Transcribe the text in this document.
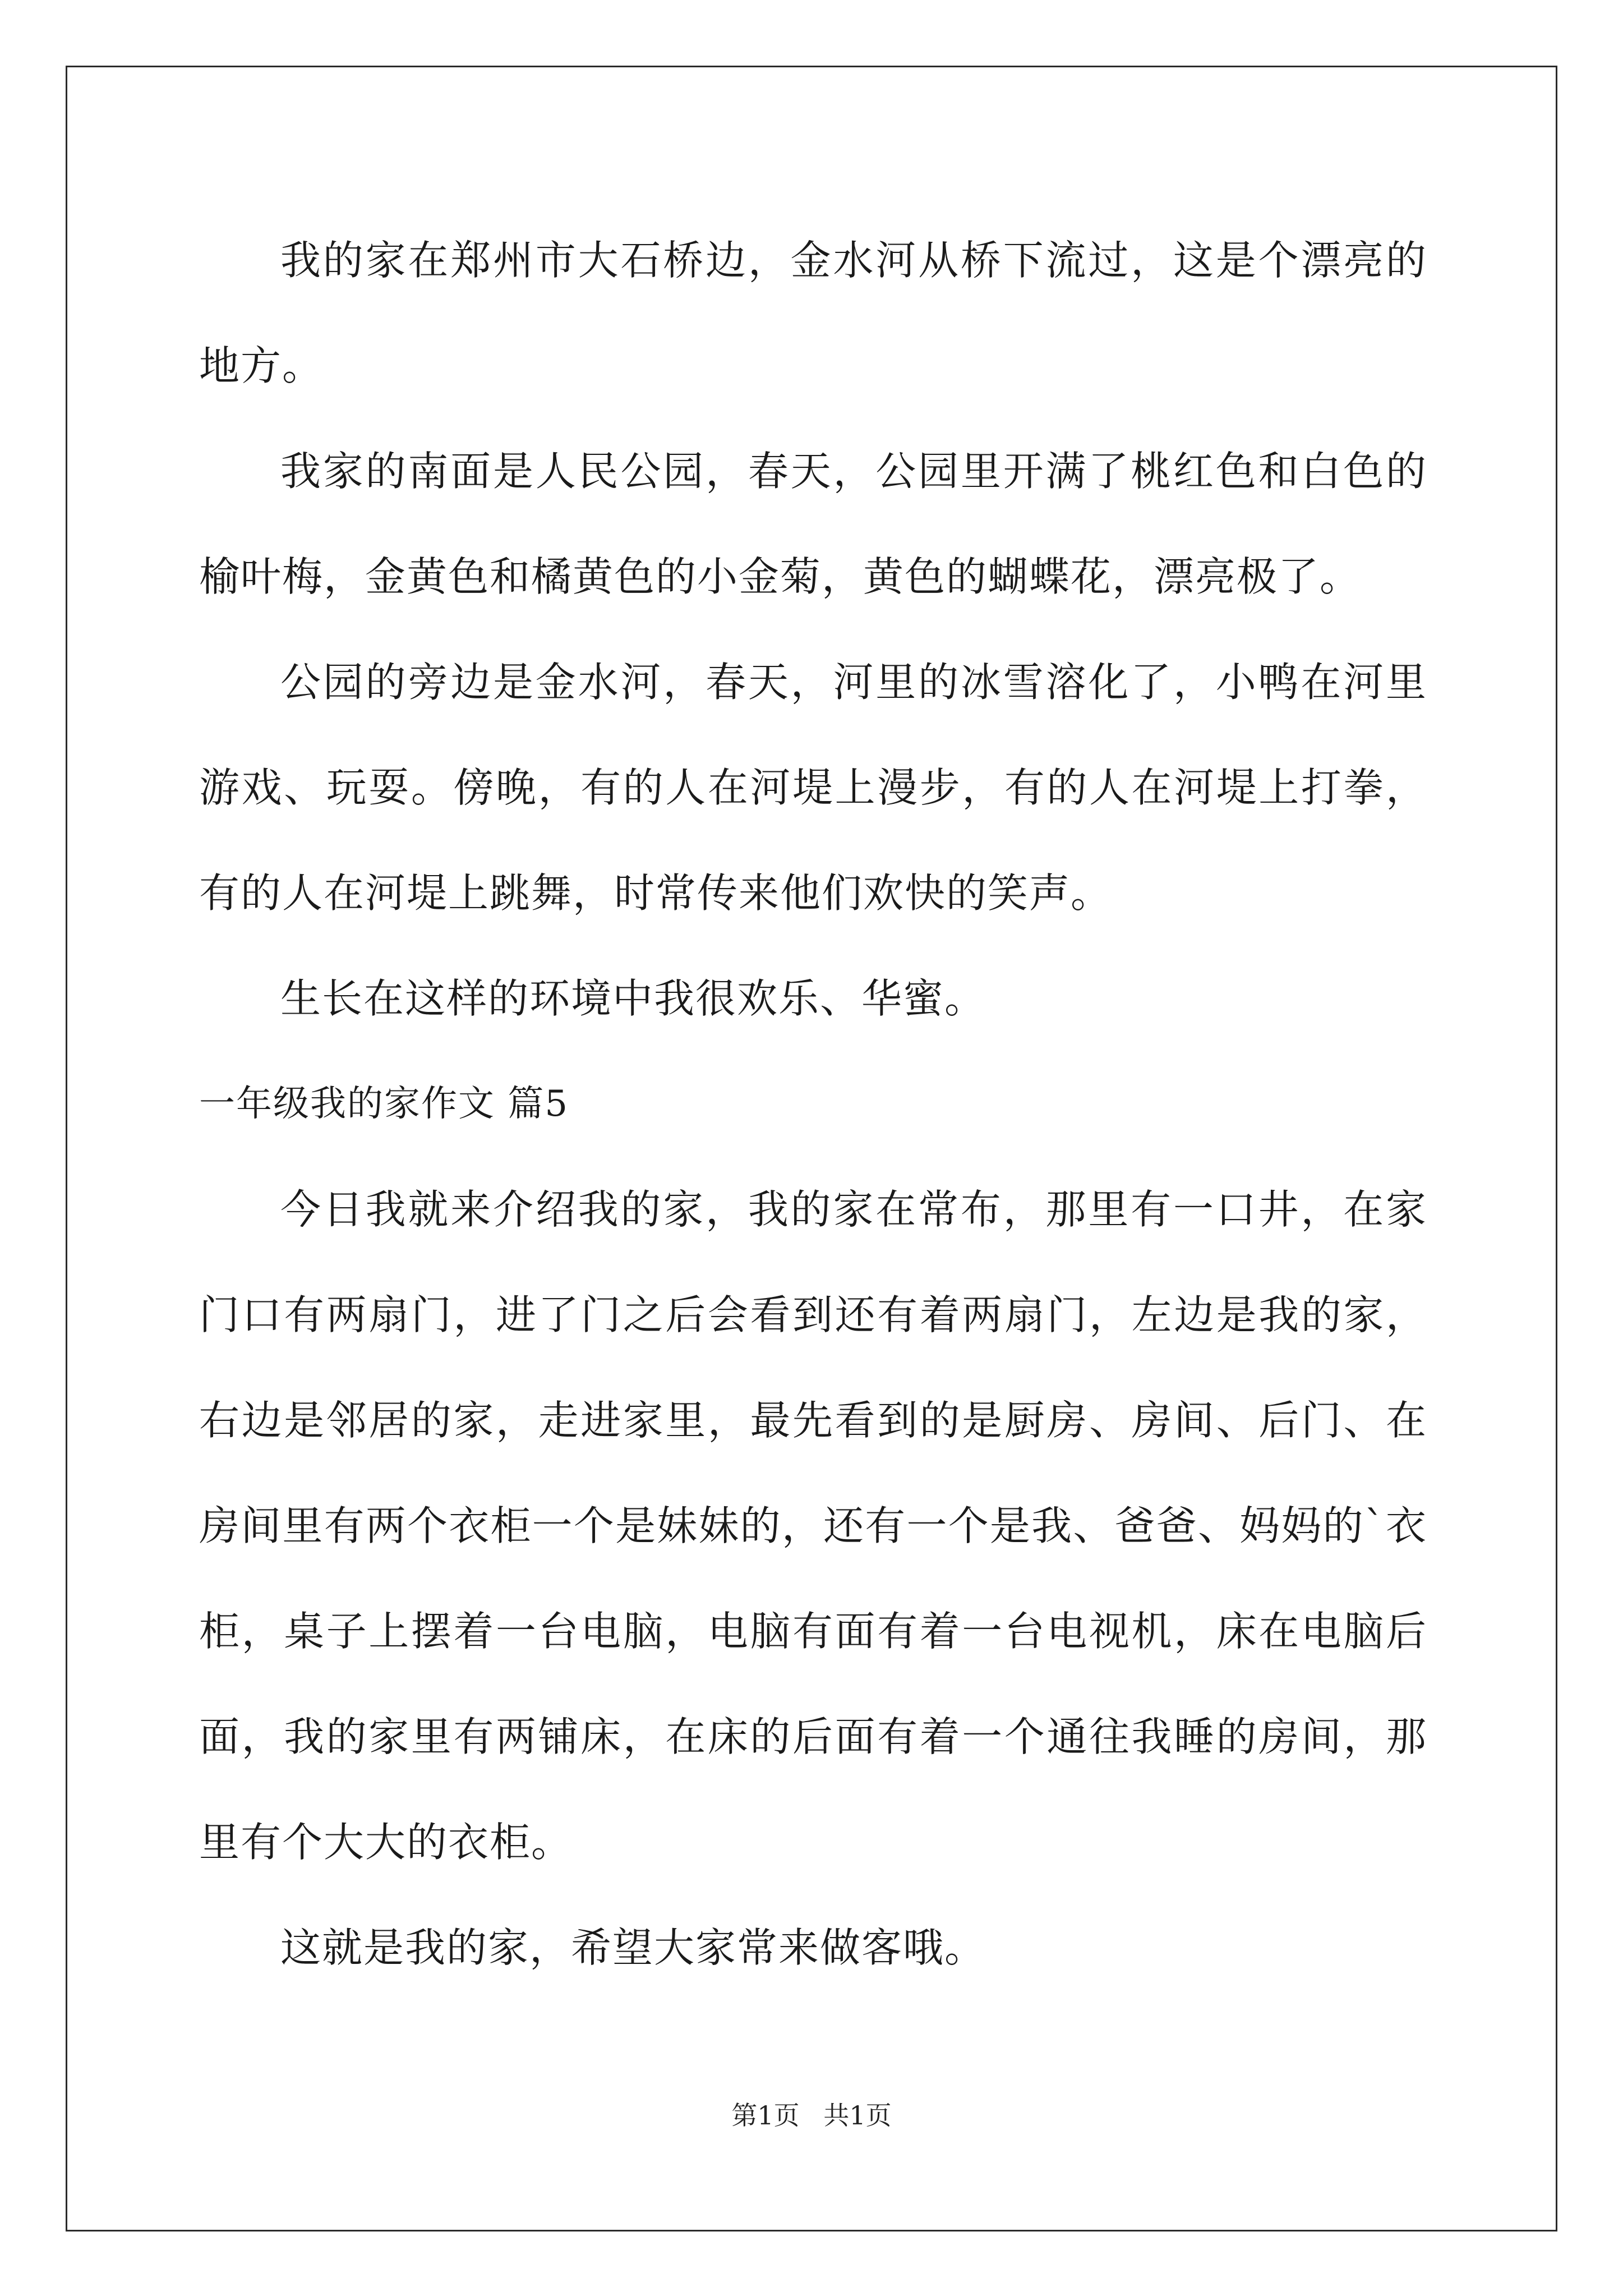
我的家在郑州市大石桥边，金水河从桥下流过，这是个漂亮的地方。

我家的南面是人民公园，春天，公园里开满了桃红色和白色的榆叶梅，金黄色和橘黄色的小金菊，黄色的蝴蝶花，漂亮极了。

公园的旁边是金水河，春天，河里的冰雪溶化了，小鸭在河里游戏、玩耍。傍晚，有的人在河堤上漫步，有的人在河堤上打拳，有的人在河堤上跳舞，时常传来他们欢快的笑声。

生长在这样的环境中我很欢乐、华蜜。

一年级我的家作文 篇5

今日我就来介绍我的家，我的家在常布，那里有一口井，在家门口有两扇门，进了门之后会看到还有着两扇门，左边是我的家，右边是邻居的家，走进家里，最先看到的是厨房、房间、后门、在房间里有两个衣柜一个是妹妹的，还有一个是我、爸爸、妈妈的`衣柜，桌子上摆着一台电脑，电脑有面有着一台电视机，床在电脑后面，我的家里有两铺床，在床的后面有着一个通往我睡的房间，那里有个大大的衣柜。

这就是我的家，希望大家常来做客哦。

第1页 共1页
